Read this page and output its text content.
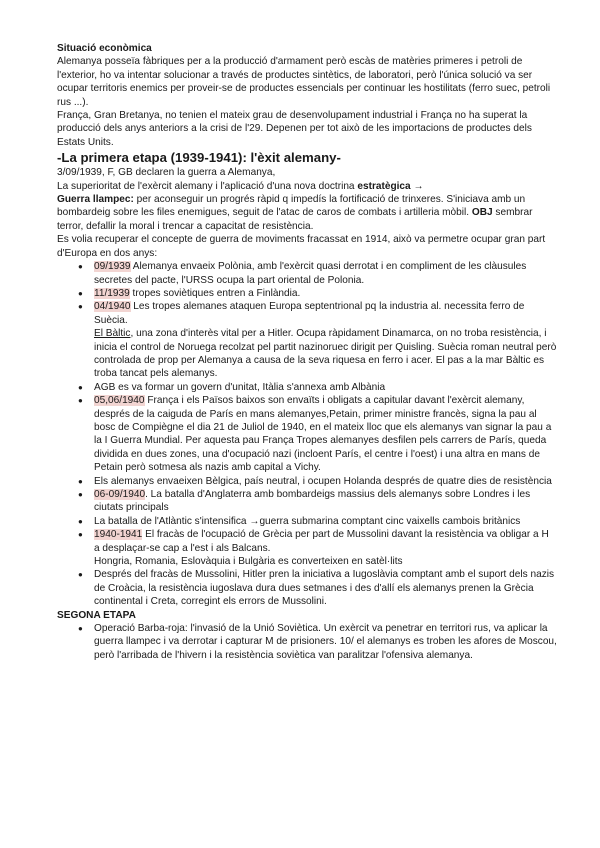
Situació econòmica

Alemanya posseïa fàbriques per a la producció d'armament però escàs de matèries primeres i petroli de l'exterior, ho va intentar solucionar a través de productes sintètics, de laboratori, però l'única solució va ser ocupar territoris enemics per proveir-se de productes essencials per continuar les hostilitats (ferro suec, petroli rus ...).

França, Gran Bretanya, no tenien el mateix grau de desenvolupament industrial i França no ha superat la producció dels anys anteriors a la crisi de l'29. Depenen per tot això de les importacions de productes dels Estats Units.

-La primera etapa (1939-1941): l'èxit alemany-

3/09/1939, F, GB declaren la guerra a Alemanya,

La superioritat de l'exèrcit alemany i l'aplicació d'una nova doctrina estratègica →

Guerra llampec: per aconseguir un progrés ràpid q impedís la fortificació de trinxeres. S'iniciava amb un bombardeig sobre les files enemigues, seguit de l'atac de caros de combats i artilleria mòbil. OBJ sembrar terror, defallir la moral i trencar a capacitat de resistència.

Es volia recuperar el concepte de guerra de moviments fracassat en 1914, això va permetre ocupar gran part d'Europa en dos anys:

● 09/1939 Alemanya envaeix Polònia, amb l'exèrcit quasi derrotat i en compliment de les clàusules secretes del pacte, l'URSS ocupa la part oriental de Polonia.
● 11/1939 tropes soviètiques entren a Finlàndia.
● 04/1940 Les tropes alemanes ataquen Europa septentrional pq la industria al. necessita ferro de Suècia.
El Bàltic, una zona d'interès vital per a Hitler. Ocupa ràpidament Dinamarca, on no troba resistència, i inicia el control de Noruega recolzat pel partit nazinoruec dirigit per Quisling. Suècia roman neutral però controlada de prop per Alemanya a causa de la seva riquesa en ferro i acer. El pas a la mar Bàltic es troba tancat pels alemanys.
● AGB es va formar un govern d'unitat, Itàlia s'annexa amb Albània
● 05,06/1940 França i els Països baixos son envaïts i obligats a capitular davant l'exèrcit alemany, després de la caiguda de París en mans alemanyes,Petain, primer ministre francès, signa la pau al bosc de Compiègne el dia 21 de Juliol de 1940, en el mateix lloc que els alemanys van signar la pau a la I Guerra Mundial. Per aquesta pau França Tropes alemanyes desfilen pels carrers de París, queda dividida en dues zones, una d'ocupació nazi (incloent París, el centre i l'oest) i una altra en mans de Petain però sotmesa als nazis amb capital a Vichy.
● Els alemanys envaeixen Bèlgica, país neutral, i ocupen Holanda després de quatre dies de resistència
● 06-09/1940. La batalla d'Anglaterra amb bombardeigs massius dels alemanys sobre Londres i les ciutats principals
● La batalla de l'Atlàntic s'intensifica →guerra submarina comptant cinc vaixells cambois britànics
● 1940-1941 El fracàs de l'ocupació de Grècia per part de Mussolini davant la resistència va obligar a H a desplaçar-se cap a l'est i als Balcans.
Hongria, Romania, Eslovàquia i Bulgària es converteixen en satèl·lits
● Després del fracàs de Mussolini, Hitler pren la iniciativa a Iugoslàvia comptant amb el suport dels nazis de Croàcia, la resistència iugoslava dura dues setmanes i des d'allí els alemanys prenen la Grècia continental i Creta, corregint els errors de Mussolini.

SEGONA ETAPA

● Operació Barba-roja: l'invasió de la Unió Soviètica. Un exèrcit va penetrar en territori rus, va aplicar la guerra llampec i va derrotar i capturar M de prisioners. 10/ el alemanys es troben les afores de Moscou, però l'arribada de l'hivern i la resistència soviètica van paralitzar l'ofensiva alemanya.
